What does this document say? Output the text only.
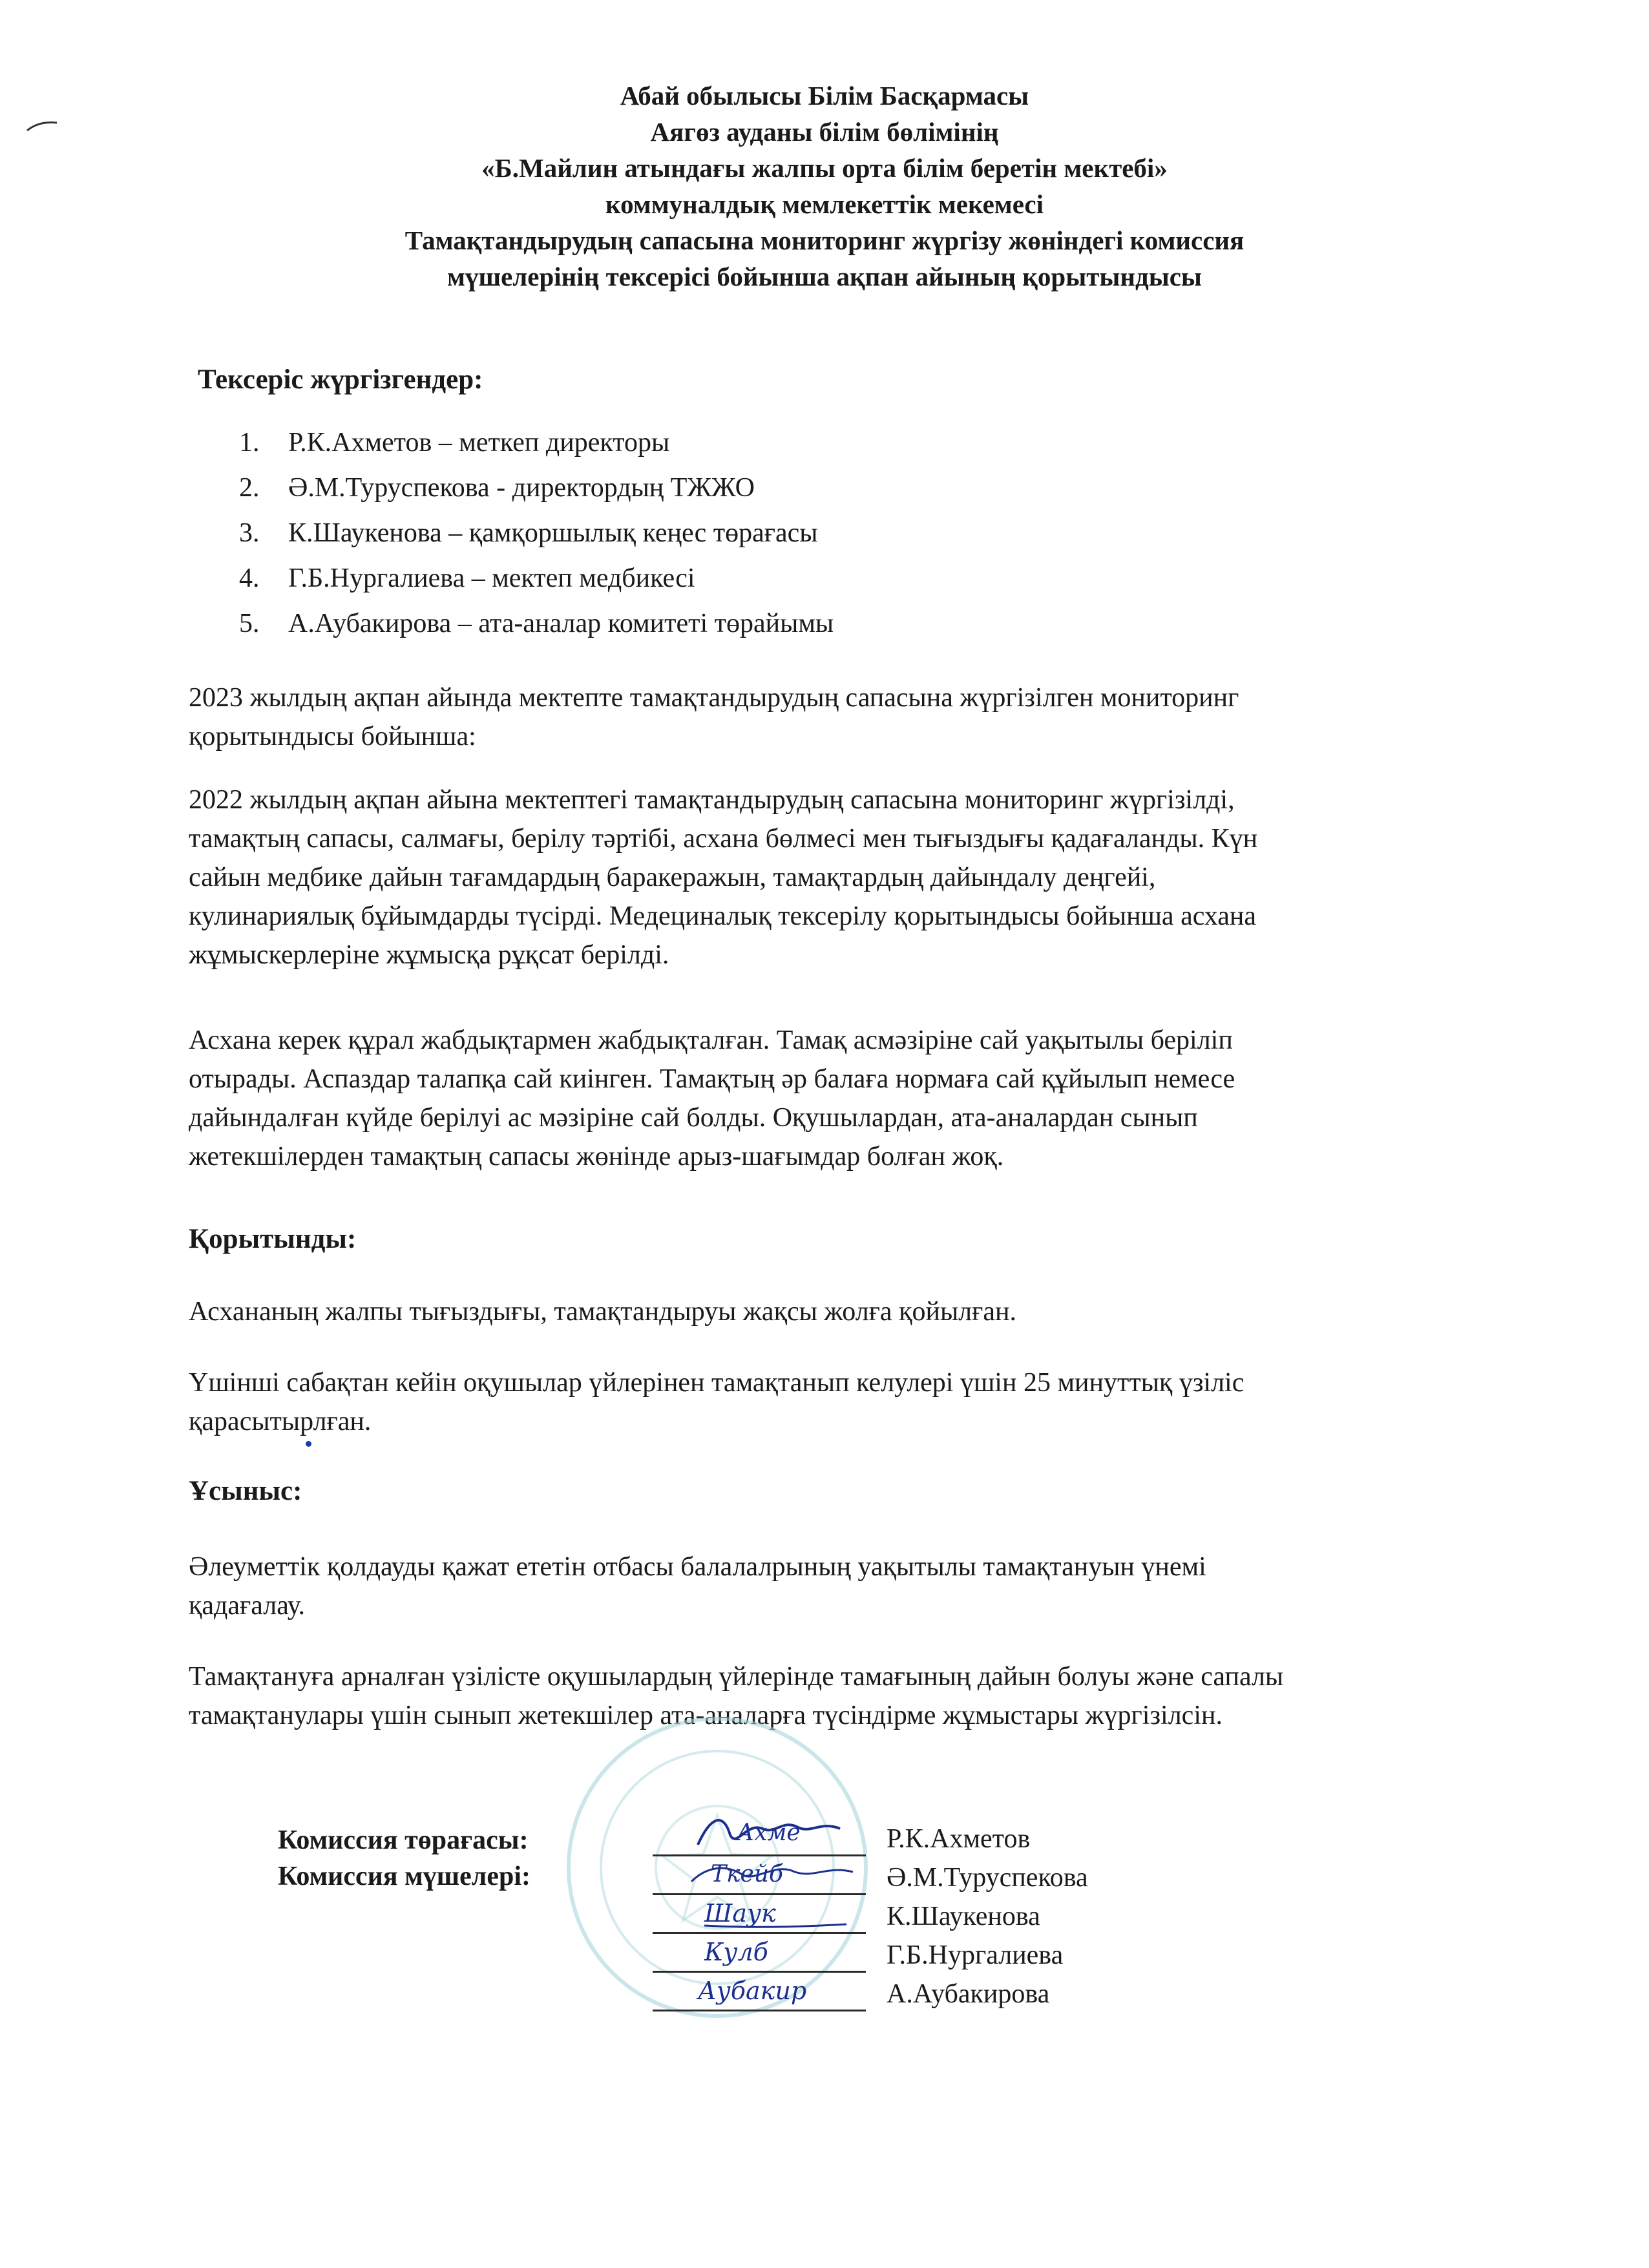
Абай обылысы Білім Басқармасы
Аягөз ауданы білім бөлімінің
«Б.Майлин атындағы жалпы орта білім беретін мектебі»
коммуналдық мемлекеттік мекемесі
Тамақтандырудың сапасына мониторинг жүргізу жөніндегі комиссия
мүшелерінің тексерісі бойынша ақпан айының қорытындысы
Тексеріс жүргізгендер:
1. Р.К.Ахметов – меткеп директоры
2. Ә.М.Туруспекова - директордың ТЖЖО
3. К.Шаукенова – қамқоршылық кеңес төрағасы
4. Г.Б.Нургалиева – мектеп медбикесі
5. А.Аубакирова – ата-аналар комитеті төрайымы

2023 жылдың ақпан айында мектепте тамақтандырудың сапасына жүргізілген мониторинг
қорытындысы бойынша:

2022 жылдың ақпан айына мектептегі тамақтандырудың сапасына мониторинг жүргізілді,
тамақтың сапасы, салмағы, берілу тәртібі, асхана бөлмесі мен тығыздығы қадағаланды. Күн
сайын медбике дайын тағамдардың баракеражын, тамақтардың дайындалу деңгейі,
кулинариялық бұйымдарды түсірді. Медециналық тексерілу қорытындысы бойынша асхана
жұмыскерлеріне жұмысқа рұқсат берілді.

Асхана керек құрал жабдықтармен жабдықталған. Тамақ асмәзіріне сай уақытылы беріліп
отырады. Аспаздар талапқа сай киінген. Тамақтың әр балаға нормаға сай құйылып немесе
дайындалған күйде берілуі ас мәзіріне сай болды. Оқушылардан, ата-аналардан сынып
жетекшілерден тамақтың сапасы жөнінде арыз-шағымдар болған жоқ.

Қорытынды:

Асхананың жалпы тығыздығы, тамақтандыруы жақсы жолға қойылған.

Үшінші сабақтан кейін оқушылар үйлерінен тамақтанып келулері үшін 25 минуттық үзіліс
қарасытырлған.

Ұсыныс:

Әлеуметтік қолдауды қажат ететін отбасы балалалрының уақытылы тамақтануын үнемі
қадағалау.

Тамақтануға арналған үзілісте оқушылардың үйлерінде тамағының дайын болуы және сапалы
тамақтанулары үшін сынып жетекшілер ата-аналарға түсіндірме жұмыстары жүргізілсін.

Комиссия төрағасы:
Комиссия мүшелері:
Ахме
Ткейб
Шаук
Кулб
Аубакир
Р.К.Ахметов
Ә.М.Туруспекова
К.Шаукенова
Г.Б.Нургалиева
А.Аубакирова
